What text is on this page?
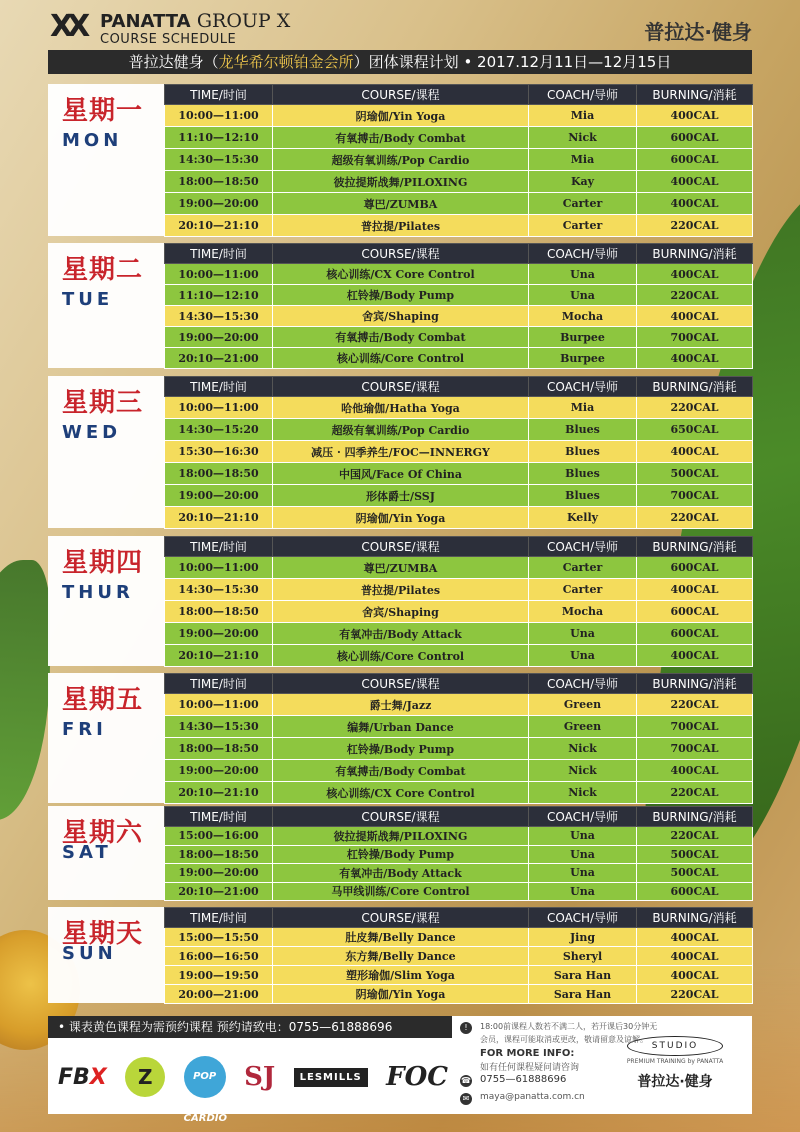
XX PANATTA GROUP X
COURSE SCHEDULE	普拉达·健身
普拉达健身（龙华希尔顿铂金会所）团体课程计划 • 2017.12月11日—12月15日
星期一
MON
TIME/时间	COURSE/课程	COACH/导师	BURNING/消耗
10:00—11:00	阴瑜伽/Yin Yoga	Mia	400CAL
11:10—12:10	有氧搏击/Body Combat	Nick	600CAL
14:30—15:30	超级有氧训练/Pop Cardio	Mia	600CAL
18:00—18:50	彼拉提斯战舞/PILOXING	Kay	400CAL
19:00—20:00	尊巴/ZUMBA	Carter	400CAL
20:10—21:10	普拉提/Pilates	Carter	220CAL
星期二
TUE
TIME/时间	COURSE/课程	COACH/导师	BURNING/消耗
10:00—11:00	核心训练/CX Core Control	Una	400CAL
11:10—12:10	杠铃操/Body Pump	Una	220CAL
14:30—15:30	舍宾/Shaping	Mocha	400CAL
19:00—20:00	有氧搏击/Body Combat	Burpee	700CAL
20:10—21:00	核心训练/Core Control	Burpee	400CAL
星期三
WED
TIME/时间	COURSE/课程	COACH/导师	BURNING/消耗
10:00—11:00	哈他瑜伽/Hatha Yoga	Mia	220CAL
14:30—15:20	超级有氧训练/Pop Cardio	Blues	650CAL
15:30—16:30	减压 · 四季养生/FOC—INNERGY	Blues	400CAL
18:00—18:50	中国风/Face Of China	Blues	500CAL
19:00—20:00	形体爵士/SSJ	Blues	700CAL
20:10—21:10	阴瑜伽/Yin Yoga	Kelly	220CAL
星期四
THUR
TIME/时间	COURSE/课程	COACH/导师	BURNING/消耗
10:00—11:00	尊巴/ZUMBA	Carter	600CAL
14:30—15:30	普拉提/Pilates	Carter	400CAL
18:00—18:50	舍宾/Shaping	Mocha	600CAL
19:00—20:00	有氧冲击/Body Attack	Una	600CAL
20:10—21:10	核心训练/Core Control	Una	400CAL
星期五
FRI
TIME/时间	COURSE/课程	COACH/导师	BURNING/消耗
10:00—11:00	爵士舞/Jazz	Green	220CAL
14:30—15:30	编舞/Urban Dance	Green	700CAL
18:00—18:50	杠铃操/Body Pump	Nick	700CAL
19:00—20:00	有氧搏击/Body Combat	Nick	400CAL
20:10—21:10	核心训练/CX Core Control	Nick	220CAL
星期六
SAT
TIME/时间	COURSE/课程	COACH/导师	BURNING/消耗
15:00—16:00	彼拉提斯战舞/PILOXING	Una	220CAL
18:00—18:50	杠铃操/Body Pump	Una	500CAL
19:00—20:00	有氧冲击/Body Attack	Una	500CAL
20:10—21:00	马甲线训练/Core Control	Una	600CAL
星期天
SUN
TIME/时间	COURSE/课程	COACH/导师	BURNING/消耗
15:00—15:50	肚皮舞/Belly Dance	Jing	400CAL
16:00—16:50	东方舞/Belly Dance	Sheryl	400CAL
19:00—19:50	塑形瑜伽/Slim Yoga	Sara Han	400CAL
20:00—21:00	阴瑜伽/Yin Yoga	Sara Han	220CAL
• 课表黄色课程为需预约课程 预约请致电：0755—61888696
FBX	Z	POP CARDIO
SJ	LESMILLS FOC
!	18:00前课程人数若不满二人，若开课后30分钟无会员，课程可能取消或更改，敬请留意及谅解。
FOR MORE INFO:
如有任何课程疑问请咨询
☎ 0755—61888696
✉ maya@panatta.com.cn
STUDIO
PREMIUM TRAINING by PANATTA
普拉达·健身
